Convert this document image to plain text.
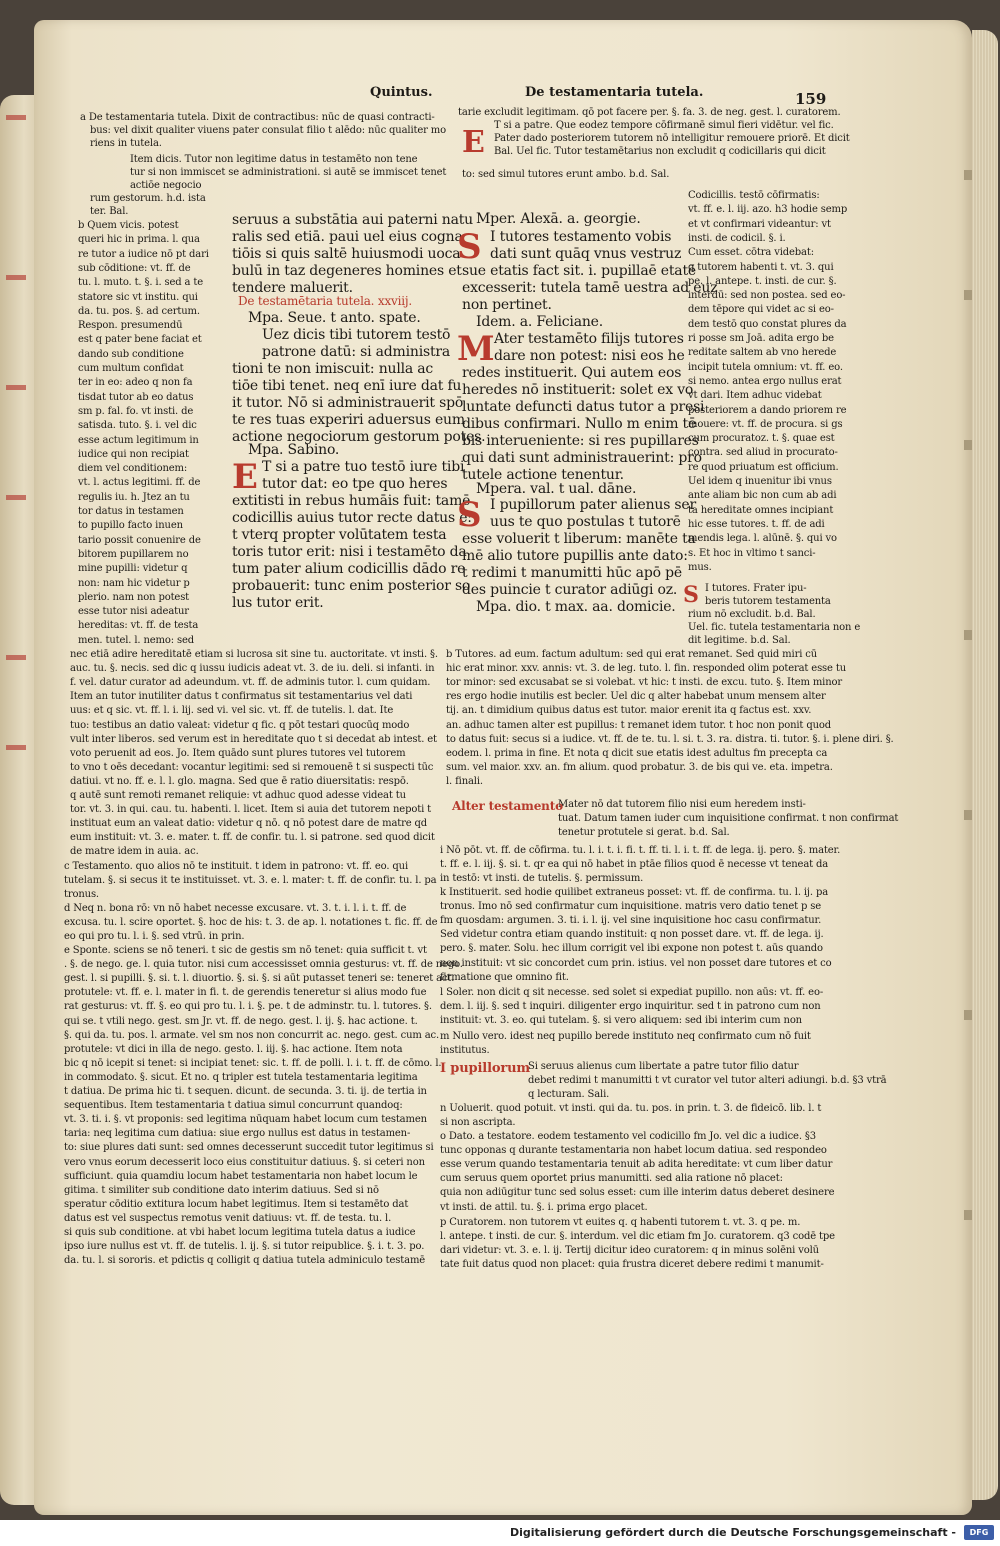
Quintus.	De testamentaria tutela.	159
a De testamentaria tutela. Dixit de contractibus: nūc de quasi contracti-
bus: vel dixit qualiter viuens pater consulat filio t alēdo: nūc qualiter mo
riens in tutela.
Item dicis. Tutor non legitime datus in testamēto non tene
tur si non immiscet se administrationi. si autē se immiscet tenet
actiōe negocio
rum gestorum. h.d. ista
ter. Bal.
b Quem vicis. potest
queri hic in prima. l. qua
re tutor a iudice nō pt dari
sub cōditione: vt. ff. de
tu. l. muto. t. §. i. sed a te
statore sic vt institu. qui
da. tu. pos. §. ad certum.
Respon. presumendū
est q pater bene faciat et
dando sub conditione
cum multum confidat
ter in eo: adeo q non fa
tisdat tutor ab eo datus
sm p. fal. fo. vt insti. de
satisda. tuto. §. i. vel dic
esse actum legitimum in
iudice qui non recipiat
diem vel conditionem:
vt. l. actus legitimi. ff. de
regulis iu. h. Jtez an tu
tor datus in testamen
to pupillo facto inuen
tario possit conuenire de
bitorem pupillarem no
mine pupilli: videtur q
non: nam hic videtur p
plerio. nam non potest
esse tutor nisi adeatur
hereditas: vt. ff. de testa
men. tutel. l. nemo: sed
seruus a substātia aui paterni natu
ralis sed etiā. paui uel eius cogna
tiōis si quis saltē huiusmodi uoca
bulū in taz degeneres homines et
tendere maluerit.
De testamētaria tutela. xxviij.
Mpa. Seue. t anto. spate.
Uez dicis tibi tutorem testō
patrone datū: si administra
tioni te non imiscuit: nulla ac
tiōe tibi tenet. neq enī iure dat fu
it tutor. Nō si administrauerit spō
te res tuas experiri aduersus eum
actione negociorum gestorum potes.
Mpa. Sabino.
E T si a patre tuo testō iure tibi
tutor dat: eo tpe quo heres
extitisti in rebus humāis fuit: tamē
codicillis auius tutor recte datus ē:
t vterq propter volūtatem testa
toris tutor erit: nisi i testamēto da
tum pater alium codicillis dādo re
probauerit: tunc enim posterior so
lus tutor erit.
tarie excludit legitimam. qō pot facere per. §. fa. 3. de neg. gest. l. curatorem.
E T si a patre. Que eodez tempore cōfirmanē simul fieri vidētur. vel fic.
Pater dado posteriorem tutorem nō intelligitur remouere priorē. Et dicit
Bal. Uel fic. Tutor testamētarius non excludit q codicillaris qui dicit
to: sed simul tutores erunt ambo. b.d. Sal.
Mper. Alexā. a. georgie.
S I tutores testamento vobis
dati sunt quāq vnus vestruz
sue etatis fact sit. i. pupillaē etatē
excesserit: tutela tamē uestra ad euz
non pertinet.
Idem. a. Feliciane.
M Ater testamēto filijs tutores
dare non potest: nisi eos he
redes instituerit. Qui autem eos
heredes nō instituerit: solet ex vo
luntate defuncti datus tutor a presi
dibus confirmari. Nullo m enim tē
bis interueniente: si res pupillares
qui dati sunt administrauerint: pro
tutele actione tenentur.
Mpera. val. t ual. dāne.
S I pupillorum pater alienus ser
uus te quo postulas t tutorē
esse voluerit t liberum: manēte ta
mē alio tutore pupillis ante dato:
t redimi t manumitti hūc apō pē
des puincie t curator adiūgi oz.
Mpa. dio. t max. aa. domicie.
Codicillis. testō cōfirmatis:
vt. ff. e. l. iij. azo. h3 hodie semp
et vt confirmari videantur: vt
insti. de codicil. §. i.
Cum esset. cōtra videbat:
q tutorem habenti t. vt. 3. qui
pe. l. antepe. t. insti. de cur. §.
interdū: sed non postea. sed eo-
dem tēpore qui videt ac si eo-
dem testō quo constat plures da
ri posse sm Joā. adita ergo be
reditate saltem ab vno herede
incipit tutela omnium: vt. ff. eo.
si nemo. antea ergo nullus erat
vt dari. Item adhuc videbat
posteriorem a dando priorem re
mouere: vt. ff. de procura. si gs
cum procuratoz. t. §. quae est
contra. sed aliud in procurato-
re quod priuatum est officium.
Uel idem q inuenitur ibi vnus
ante aliam bic non cum ab adi
ta hereditate omnes incipiant
hic esse tutores. t. ff. de adi
mendis lega. l. alūnē. §. qui vo
s. Et hoc in vltimo t sanci-
mus.
S I tutores. Frater ipu-
beris tutorem testamenta
rium nō excludit. b.d. Bal.
Uel. fic. tutela testamentaria non e
dit legitime. b.d. Sal.
nec etiā adire hereditatē etiam si lucrosa sit sine tu. auctoritate. vt insti. §.
auc. tu. §. necis. sed dic q iussu iudicis adeat vt. 3. de iu. deli. si infanti. in
f. vel. datur curator ad adeundum. vt. ff. de adminis tutor. l. cum quidam.
Item an tutor inutiliter datus t confirmatus sit testamentarius vel dati
uus: et q sic. vt. ff. l. i. lij. sed vi. vel sic. vt. ff. de tutelis. l. dat. Ite
tuo: testibus an datio valeat: videtur q fic. q pōt testari quocūq modo
vult inter liberos. sed verum est in hereditate quo t si decedat ab intest. et
voto peruenit ad eos. Jo. Item quādo sunt plures tutores vel tutorem
to vno t oēs decedant: vocantur legitimi: sed si remouenē t si suspecti tūc
datiui. vt no. ff. e. l. l. glo. magna. Sed que ē ratio diuersitatis: respō.
q autē sunt remoti remanet reliquie: vt adhuc quod adesse videat tu
tor. vt. 3. in qui. cau. tu. habenti. l. licet. Item si auia det tutorem nepoti t
instituat eum an valeat datio: videtur q nō. q nō potest dare de matre qd
eum instituit: vt. 3. e. mater. t. ff. de confir. tu. l. si patrone. sed quod dicit
de matre idem in auia. ac.
c Testamento. quo alios nō te instituit. t idem in patrono: vt. ff. eo. qui
tutelam. §. si secus it te instituisset. vt. 3. e. l. mater: t. ff. de confir. tu. l. pa
tronus.
d Neq n. bona rō: vn nō habet necesse excusare. vt. 3. t. i. l. i. t. ff. de
excusa. tu. l. scire oportet. §. hoc de his: t. 3. de ap. l. notationes t. fic. ff. de
eo qui pro tu. l. i. §. sed vtrū. in prin.
e Sponte. sciens se nō teneri. t sic de gestis sm nō tenet: quia sufficit t. vt
. §. de nego. ge. l. quia tutor. nisi cum accessisset omnia gesturus: vt. ff. de nego.
gest. l. si pupilli. §. si. t. l. diuortio. §. si. §. si aūt putasset teneri se: teneret act.
protutele: vt. ff. e. l. mater in fi. t. de gerendis teneretur si alius modo fue
rat gesturus: vt. ff. §. eo qui pro tu. l. i. §. pe. t de adminstr. tu. l. tutores. §.
qui se. t vtili nego. gest. sm Jr. vt. ff. de nego. gest. l. ij. §. hac actione. t.
§. qui da. tu. pos. l. armate. vel sm nos non concurrit ac. nego. gest. cum ac.
protutele: vt dici in illa de nego. gesto. l. iij. §. hac actione. Item nota
bic q nō icepit si tenet: si incipiat tenet: sic. t. ff. de polli. l. i. t. ff. de cōmo. l.
in commodato. §. sicut. Et no. q tripler est tutela testamentaria legitima
t datiua. De prima hic ti. t sequen. dicunt. de secunda. 3. ti. ij. de tertia in
sequentibus. Item testamentaria t datiua simul concurrunt quandoq:
vt. 3. ti. i. §. vt proponis: sed legitima nūquam habet locum cum testamen
taria: neq legitima cum datiua: siue ergo nullus est datus in testamen-
to: siue plures dati sunt: sed omnes decesserunt succedit tutor legitimus si
vero vnus eorum decesserit loco eius constituitur datiuus. §. si ceteri non
sufficiunt. quia quamdiu locum habet testamentaria non habet locum le
gitima. t similiter sub conditione dato interim datiuus. Sed si nō
speratur cōditio extitura locum habet legitimus. Item si testamēto dat
datus est vel suspectus remotus venit datiuus: vt. ff. de testa. tu. l.
si quis sub conditione. at vbi habet locum legitima tutela datus a iudice
ipso iure nullus est vt. ff. de tutelis. l. ij. §. si tutor reipublice. §. i. t. 3. po.
da. tu. l. si sororis. et pdictis q colligit q datiua tutela adminiculo testamē
b Tutores. ad eum. factum adultum: sed qui erat remanet. Sed quid miri cū
hic erat minor. xxv. annis: vt. 3. de leg. tuto. l. fin. responded olim poterat esse tu
tor minor: sed excusabat se si volebat. vt hic: t insti. de excu. tuto. §. Item minor
res ergo hodie inutilis est becler. Uel dic q alter habebat unum mensem alter
tij. an. t dimidium quibus datus est tutor. maior erenit ita q factus est. xxv.
an. adhuc tamen alter est pupillus: t remanet idem tutor. t hoc non ponit quod
to datus fuit: secus si a iudice. vt. ff. de te. tu. l. si. t. 3. ra. distra. ti. tutor. §. i. plene diri. §.
eodem. l. prima in fine. Et nota q dicit sue etatis idest adultus fm precepta ca
sum. vel maior. xxv. an. fm alium. quod probatur. 3. de bis qui ve. eta. impetra.
l. finali.
Alter testamento
Mater nō dat tutorem filio nisi eum heredem insti-
tuat. Datum tamen iuder cum inquisitione confirmat. t non confirmat
tenetur protutele si gerat. b.d. Sal.
i Nō pōt. vt. ff. de cōfirma. tu. l. i. t. i. fi. t. ff. ti. l. i. t. ff. de lega. ij. pero. §. mater.
t. ff. e. l. iij. §. si. t. qr ea qui nō habet in ptāe filios quod ē necesse vt teneat da
in testō: vt insti. de tutelis. §. permissum.
k Instituerit. sed hodie quilibet extraneus posset: vt. ff. de confirma. tu. l. ij. pa
tronus. Imo nō sed confirmatur cum inquisitione. matris vero datio tenet p se
fm quosdam: argumen. 3. ti. i. l. ij. vel sine inquisitione hoc casu confirmatur.
Sed videtur contra etiam quando instituit: q non posset dare. vt. ff. de lega. ij.
pero. §. mater. Solu. hec illum corrigit vel ibi expone non potest t. aūs quando
non instituit: vt sic concordet cum prin. istius. vel non posset dare tutores et co
firmatione que omnino fit.
l Soler. non dicit q sit necesse. sed solet si expediat pupillo. non aūs: vt. ff. eo-
dem. l. iij. §. sed t inquiri. diligenter ergo inquiritur. sed t in patrono cum non
instituit: vt. 3. eo. qui tutelam. §. si vero aliquem: sed ibi interim cum non
m Nullo vero. idest neq pupillo berede instituto neq confirmato cum nō fuit
institutus.
I pupillorum
Si seruus alienus cum libertate a patre tutor filio datur
debet redimi t manumitti t vt curator vel tutor alteri adiungi. b.d. §3 vtrā
q lecturam. Sali.
n Uoluerit. quod potuit. vt insti. qui da. tu. pos. in prin. t. 3. de fideicō. lib. l. t
si non ascripta.
o Dato. a testatore. eodem testamento vel codicillo fm Jo. vel dic a iudice. §3
tunc opponas q durante testamentaria non habet locum datiua. sed respondeo
esse verum quando testamentaria tenuit ab adita hereditate: vt cum liber datur
cum seruus quem oportet prius manumitti. sed alia ratione nō placet:
quia non adiūgitur tunc sed solus esset: cum ille interim datus deberet desinere
vt insti. de attil. tu. §. i. prima ergo placet.
p Curatorem. non tutorem vt euites q. q habenti tutorem t. vt. 3. q pe. m.
l. antepe. t insti. de cur. §. interdum. vel dic etiam fm Jo. curatorem. q3 codē tpe
dari videtur: vt. 3. e. l. ij. Tertij dicitur ideo curatorem: q in minus solēni volū
tate fuit datus quod non placet: quia frustra diceret debere redimi t manumit-
Digitalisierung gefördert durch die Deutsche Forschungsgemeinschaft -	DFG
